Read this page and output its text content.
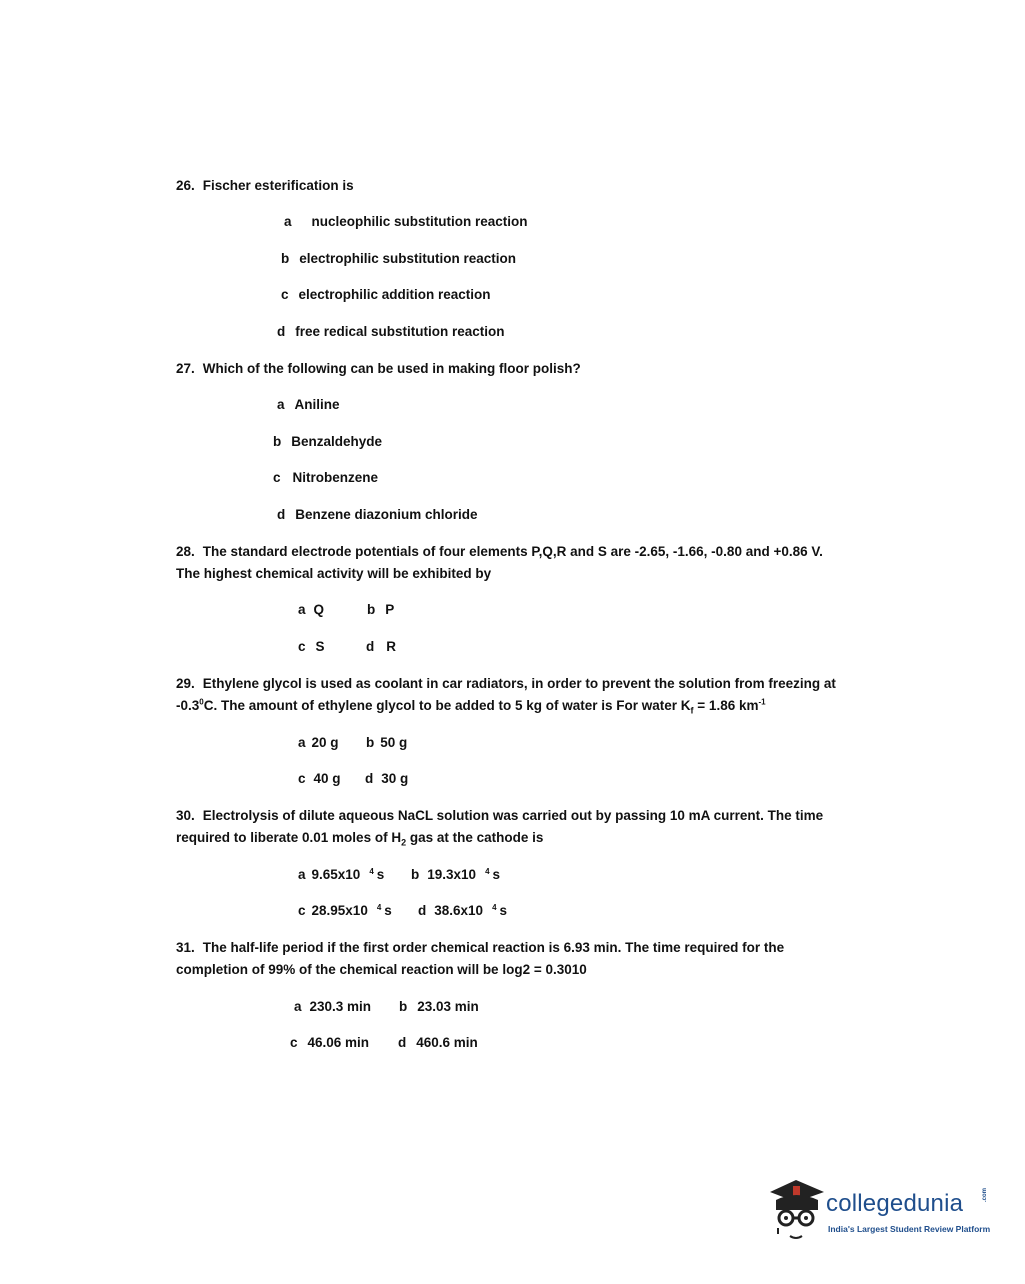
26. Fischer esterification is
a nucleophilic substitution reaction
b electrophilic substitution reaction
c electrophilic addition reaction
d free redical substitution reaction
27. Which of the following can be used in making floor polish?
a Aniline
b Benzaldehyde
c Nitrobenzene
d Benzene diazonium chloride
28. The standard electrode potentials of four elements P,Q,R and S are -2.65, -1.66, -0.80 and +0.86 V.
The highest chemical activity will be exhibited by
a Q	b P
c S	d R
29. Ethylene glycol is used as coolant in car radiators, in order to prevent the solution from freezing at
$-0.3^0C$. The amount of ethylene glycol to be added to 5 kg of water is For water $K_f = 1.86$ $km^{-1}$
a 20 g b 50 g
c 40 g d 30 g
30. Electrolysis of dilute aqueous NaCL solution was carried out by passing 10 mA current. The time
required to liberate 0.01 moles of $H_2$ gas at the cathode is
a 9.65x10 $^4$ s b 19.3x10 $^4$ s
c 28.95x10 $^4$ s d 38.6x10 $^4$ s
31. The half-life period if the first order chemical reaction is 6.93 min. The time required for the
completion of 99% of the chemical reaction will be log2 = 0.3010
a 230.3 min b 23.03 min
c 46.06 min d 460.6 min
collegedunia	.com
India's Largest Student Review Platform
